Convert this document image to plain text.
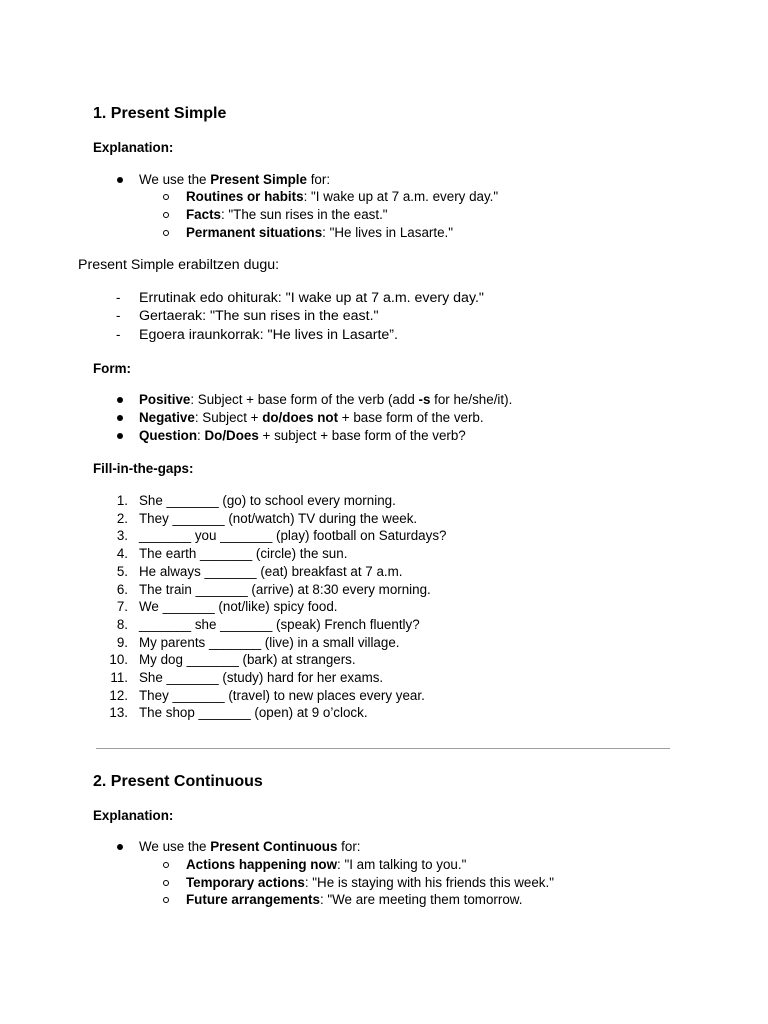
1. Present Simple
Explanation:
We use the Present Simple for:
Routines or habits: "I wake up at 7 a.m. every day."
Facts: "The sun rises in the east."
Permanent situations: "He lives in Lasarte."
Present Simple erabiltzen dugu:
- Errutinak edo ohiturak: "I wake up at 7 a.m. every day."
- Gertaerak: "The sun rises in the east."
- Egoera iraunkorrak: "He lives in Lasarte”.
Form:
Positive: Subject + base form of the verb (add -s for he/she/it).
Negative: Subject + do/does not + base form of the verb.
Question: Do/Does + subject + base form of the verb?
Fill-in-the-gaps:
1. She _______ (go) to school every morning.
2. They _______ (not/watch) TV during the week.
3. _______ you _______ (play) football on Saturdays?
4. The earth _______ (circle) the sun.
5. He always _______ (eat) breakfast at 7 a.m.
6. The train _______ (arrive) at 8:30 every morning.
7. We _______ (not/like) spicy food.
8. _______ she _______ (speak) French fluently?
9. My parents _______ (live) in a small village.
10. My dog _______ (bark) at strangers.
11. She _______ (study) hard for her exams.
12. They _______ (travel) to new places every year.
13. The shop _______ (open) at 9 o’clock.
2. Present Continuous
Explanation:
We use the Present Continuous for:
Actions happening now: "I am talking to you."
Temporary actions: "He is staying with his friends this week."
Future arrangements: "We are meeting them tomorrow.
